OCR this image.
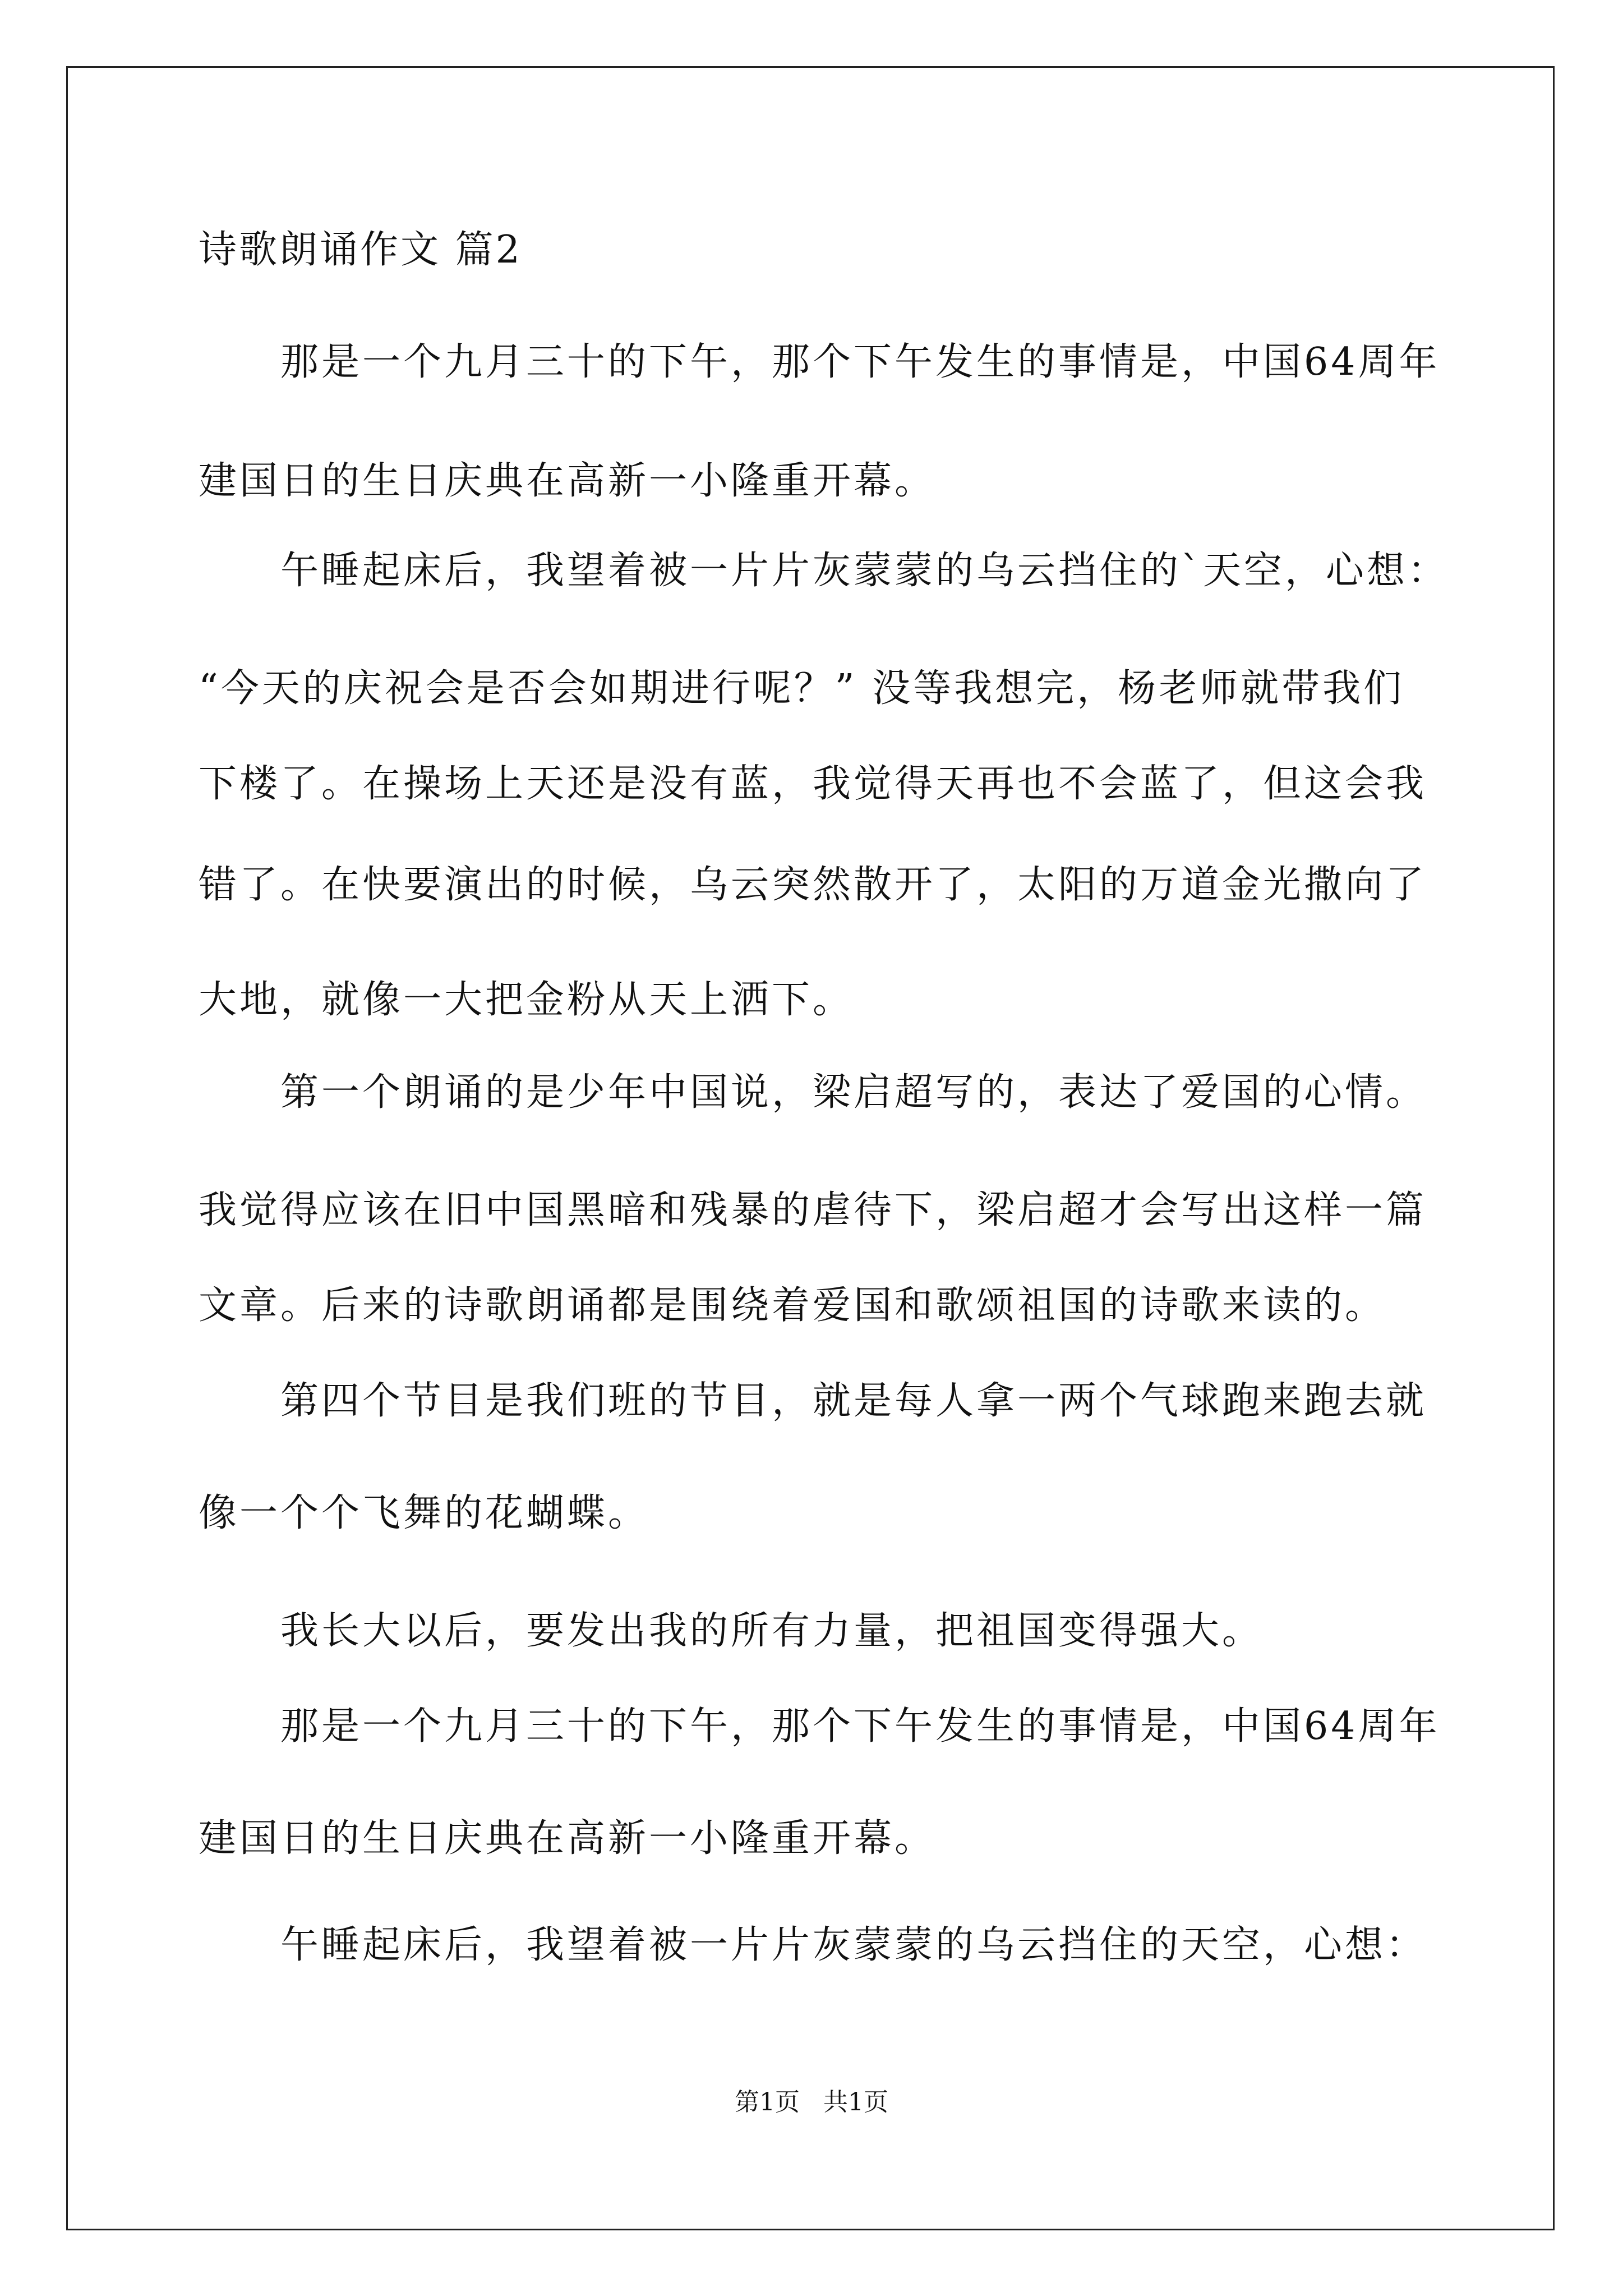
诗歌朗诵作文 篇2
那是一个九月三十的下午，那个下午发生的事情是，中国64周年
建国日的生日庆典在高新一小隆重开幕。
午睡起床后，我望着被一片片灰蒙蒙的乌云挡住的`天空，心想：
“今天的庆祝会是否会如期进行呢？” 没等我想完，杨老师就带我们
下楼了。在操场上天还是没有蓝，我觉得天再也不会蓝了，但这会我
错了。在快要演出的时候，乌云突然散开了，太阳的万道金光撒向了
大地，就像一大把金粉从天上洒下。
第一个朗诵的是少年中国说，梁启超写的，表达了爱国的心情。
我觉得应该在旧中国黑暗和残暴的虐待下，梁启超才会写出这样一篇
文章。后来的诗歌朗诵都是围绕着爱国和歌颂祖国的诗歌来读的。
第四个节目是我们班的节目，就是每人拿一两个气球跑来跑去就
像一个个飞舞的花蝴蝶。
我长大以后，要发出我的所有力量，把祖国变得强大。
那是一个九月三十的下午，那个下午发生的事情是，中国64周年
建国日的生日庆典在高新一小隆重开幕。
午睡起床后，我望着被一片片灰蒙蒙的乌云挡住的天空，心想：
第1页   共1页
